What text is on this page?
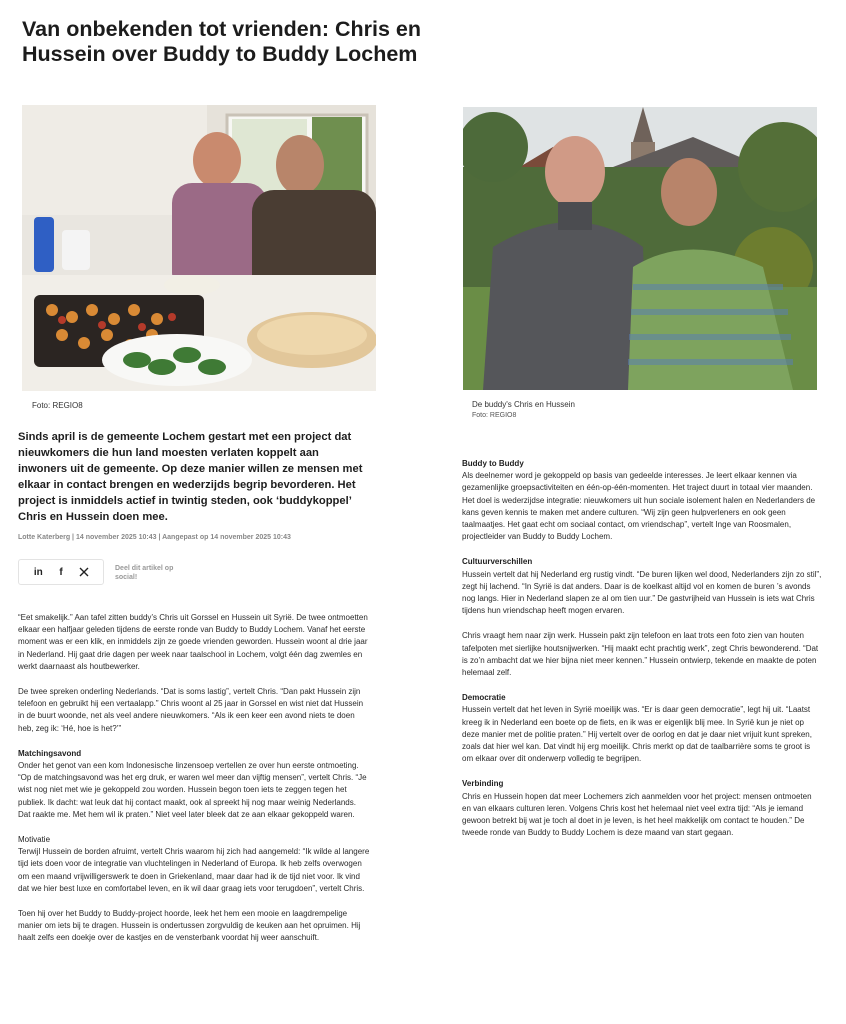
Van onbekenden tot vrienden: Chris en Hussein over Buddy to Buddy Lochem
Foto: REGIO8	De buddy's Chris en Hussein
Foto: REGIO8

Sinds april is de gemeente Lochem gestart met een project dat nieuwkomers die hun land moesten verlaten koppelt aan inwoners uit de gemeente. Op deze manier willen ze mensen met elkaar in contact brengen en wederzijds begrip bevorderen. Het project is inmiddels actief in twintig steden, ook ‘buddykoppel’ Chris en Hussein doen mee.

Lotte Katerberg | 14 november 2025 10:43 | Aangepast op 14 november 2025 10:43
in	f	Deel dit artikel op social!

“Eet smakelijk.” Aan tafel zitten buddy’s Chris uit Gorssel en Hussein uit Syrië. De twee ontmoetten elkaar een halfjaar geleden tijdens de eerste ronde van Buddy to Buddy Lochem. Vanaf het eerste moment was er een klik, en inmiddels zijn ze goede vrienden geworden. Hussein woont al drie jaar in Nederland. Hij gaat drie dagen per week naar taalschool in Lochem, volgt één dag zwemles en werkt daarnaast als houtbewerker.

De twee spreken onderling Nederlands. “Dat is soms lastig”, vertelt Chris. “Dan pakt Hussein zijn telefoon en gebruikt hij een vertaalapp.” Chris woont al 25 jaar in Gorssel en wist niet dat Hussein in de buurt woonde, net als veel andere nieuwkomers. “Als ik een keer een avond niets te doen heb, zeg ik: ‘Hé, hoe is het?’”

Matchingsavond

Onder het genot van een kom Indonesische linzensoep vertellen ze over hun eerste ontmoeting. “Op de matchingsavond was het erg druk, er waren wel meer dan vijftig mensen”, vertelt Chris. “Je wist nog niet met wie je gekoppeld zou worden. Hussein begon toen iets te zeggen tegen het publiek. Ik dacht: wat leuk dat hij contact maakt, ook al spreekt hij nog maar weinig Nederlands. Dat raakte me. Met hem wil ik praten.” Niet veel later bleek dat ze aan elkaar gekoppeld waren.

Motivatie

Terwijl Hussein de borden afruimt, vertelt Chris waarom hij zich had aangemeld: “Ik wilde al langere tijd iets doen voor de integratie van vluchtelingen in Nederland of Europa. Ik heb zelfs overwogen om een maand vrijwilligerswerk te doen in Griekenland, maar daar had ik de tijd niet voor. Ik vind dat we hier best luxe en comfortabel leven, en ik wil daar graag iets voor terugdoen”, vertelt Chris.

Toen hij over het Buddy to Buddy-project hoorde, leek het hem een mooie en laagdrempelige manier om iets bij te dragen. Hussein is ondertussen zorgvuldig de keuken aan het opruimen. Hij haalt zelfs een doekje over de kastjes en de vensterbank voordat hij weer aanschuift.

Buddy to Buddy

Als deelnemer word je gekoppeld op basis van gedeelde interesses. Je leert elkaar kennen via gezamenlijke groepsactiviteiten en één-op-één-momenten. Het traject duurt in totaal vier maanden. Het doel is wederzijdse integratie: nieuwkomers uit hun sociale isolement halen en Nederlanders de kans geven kennis te maken met andere culturen. “Wij zijn geen hulpverleners en ook geen taalmaatjes. Het gaat echt om sociaal contact, om vriendschap”, vertelt Inge van Roosmalen, projectleider van Buddy to Buddy Lochem.

Cultuurverschillen

Hussein vertelt dat hij Nederland erg rustig vindt. “De buren lijken wel dood, Nederlanders zijn zo stil”, zegt hij lachend. “In Syrië is dat anders. Daar is de koelkast altijd vol en komen de buren ’s avonds nog langs. Hier in Nederland slapen ze al om tien uur.” De gastvrijheid van Hussein is iets wat Chris tijdens hun vriendschap heeft mogen ervaren.

Chris vraagt hem naar zijn werk. Hussein pakt zijn telefoon en laat trots een foto zien van houten tafelpoten met sierlijke houtsnijwerken. “Hij maakt echt prachtig werk”, zegt Chris bewonderend. “Dat is zo’n ambacht dat we hier bijna niet meer kennen.” Hussein ontwierp, tekende en maakte de poten helemaal zelf.

Democratie

Hussein vertelt dat het leven in Syrië moeilijk was. “Er is daar geen democratie”, legt hij uit. “Laatst kreeg ik in Nederland een boete op de fiets, en ik was er eigenlijk blij mee. In Syrië kun je niet op deze manier met de politie praten.” Hij vertelt over de oorlog en dat je daar niet vrijuit kunt spreken, zoals dat hier wel kan. Dat vindt hij erg moeilijk. Chris merkt op dat de taalbarrière soms te groot is om elkaar over dit onderwerp volledig te begrijpen.

Verbinding

Chris en Hussein hopen dat meer Lochemers zich aanmelden voor het project: mensen ontmoeten en van elkaars culturen leren. Volgens Chris kost het helemaal niet veel extra tijd: “Als je iemand gewoon betrekt bij wat je toch al doet in je leven, is het heel makkelijk om contact te houden.” De tweede ronde van Buddy to Buddy Lochem is deze maand van start gegaan.
